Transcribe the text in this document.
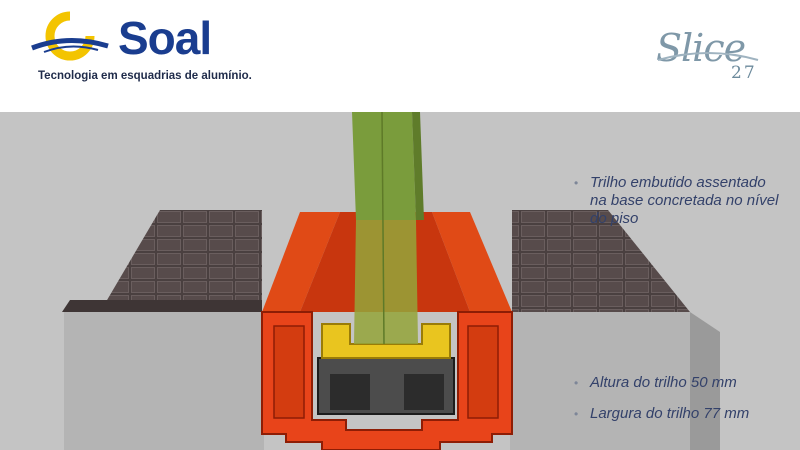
Soal
Tecnologia em esquadrias de alumínio.
Slice
27
• Trilho embutido assentado na base concretada no nível do piso
• Altura do trilho 50 mm
• Largura do trilho 77 mm
